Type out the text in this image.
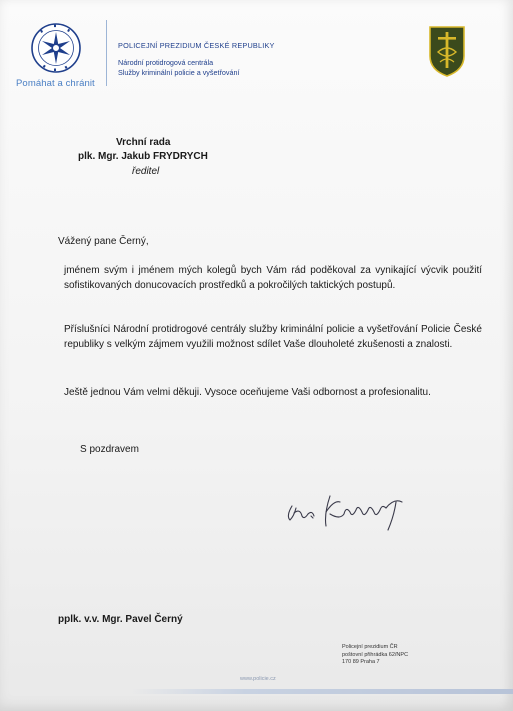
Pomáhat a chránit
POLICEJNÍ PREZIDIUM ČESKÉ REPUBLIKY
Národní protidrogová centrála
Služby kriminální policie a vyšetřování
Vrchní rada
plk. Mgr. Jakub FRYDRYCH
ředitel
Vážený pane Černý,
jménem svým i jménem mých kolegů bych Vám rád poděkoval za vynikající výcvik použití sofistikovaných donucovacích prostředků a pokročilých taktických postupů.
Příslušníci Národní protidrogové centrály služby kriminální policie a vyšetřování Policie České republiky s velkým zájmem využili možnost sdílet Vaše dlouholeté zkušenosti a znalosti.
Ještě jednou Vám velmi děkuji. Vysoce oceňujeme Vaši odbornost a profesionalitu.
S pozdravem
pplk. v.v. Mgr. Pavel Černý
Policejní prezidium ČR
poštovní přihrádka 62/NPC
170 89 Praha 7
www.policie.cz
